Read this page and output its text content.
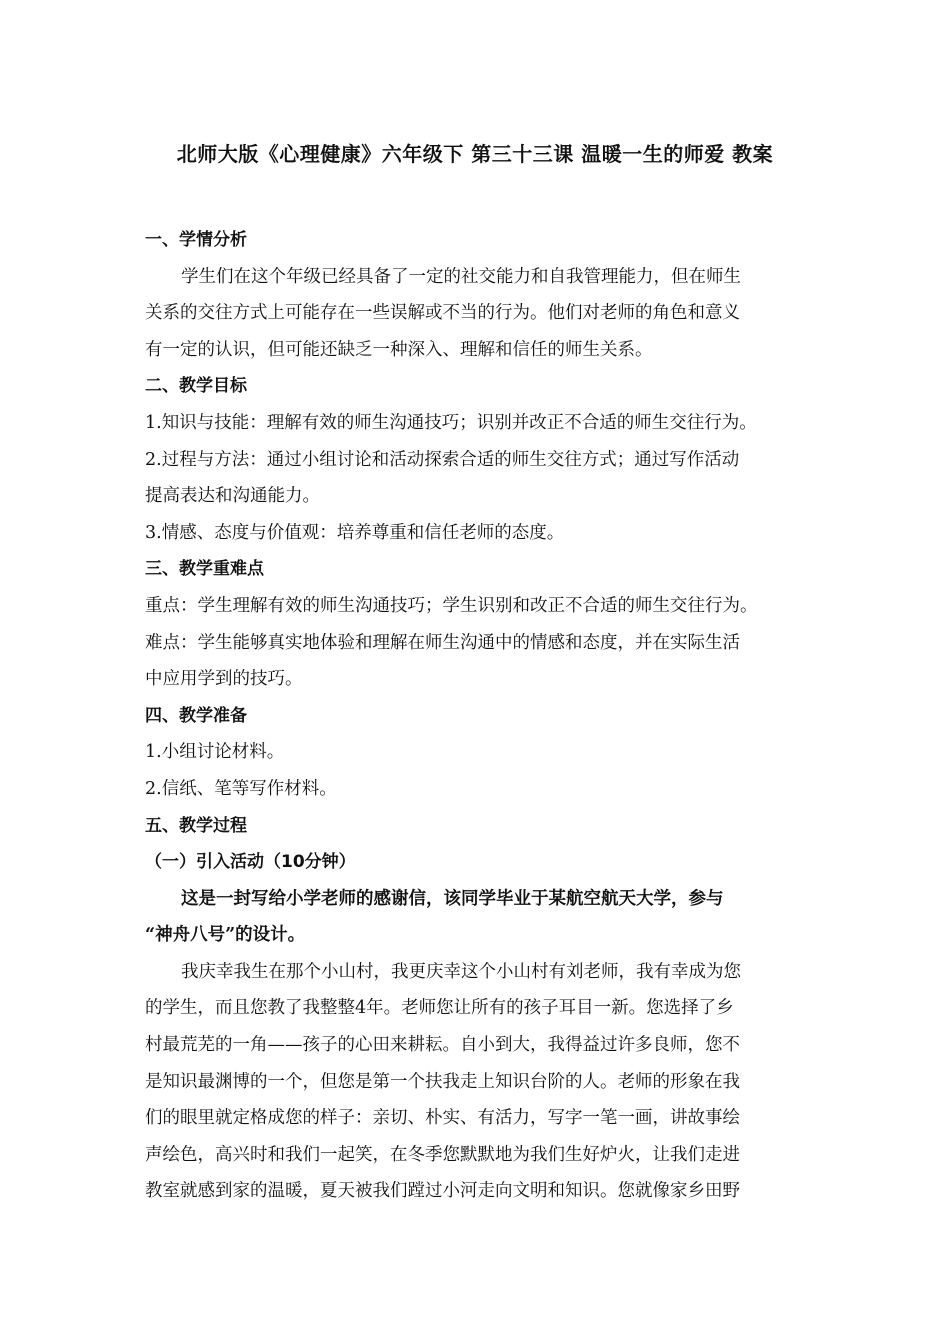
北师大版《心理健康》六年级下 第三十三课 温暖一生的师爱 教案
一、学情分析
学生们在这个年级已经具备了一定的社交能力和自我管理能力，但在师生
关系的交往方式上可能存在一些误解或不当的行为。他们对老师的角色和意义
有一定的认识，但可能还缺乏一种深入、理解和信任的师生关系。
二、教学目标
1.知识与技能：理解有效的师生沟通技巧；识别并改正不合适的师生交往行为。
2.过程与方法：通过小组讨论和活动探索合适的师生交往方式；通过写作活动
提高表达和沟通能力。
3.情感、态度与价值观：培养尊重和信任老师的态度。
三、教学重难点
重点：学生理解有效的师生沟通技巧；学生识别和改正不合适的师生交往行为。
难点：学生能够真实地体验和理解在师生沟通中的情感和态度，并在实际生活
中应用学到的技巧。
四、教学准备
1.小组讨论材料。
2.信纸、笔等写作材料。
五、教学过程
（一）引入活动（10分钟）
这是一封写给小学老师的感谢信，该同学毕业于某航空航天大学，参与
“神舟八号”的设计。
我庆幸我生在那个小山村，我更庆幸这个小山村有刘老师，我有幸成为您
的学生，而且您教了我整整4年。老师您让所有的孩子耳目一新。您选择了乡
村最荒芜的一角——孩子的心田来耕耘。自小到大，我得益过许多良师，您不
是知识最渊博的一个，但您是第一个扶我走上知识台阶的人。老师的形象在我
们的眼里就定格成您的样子：亲切、朴实、有活力，写字一笔一画，讲故事绘
声绘色，高兴时和我们一起笑，在冬季您默默地为我们生好炉火，让我们走进
教室就感到家的温暖，夏天被我们蹚过小河走向文明和知识。您就像家乡田野
